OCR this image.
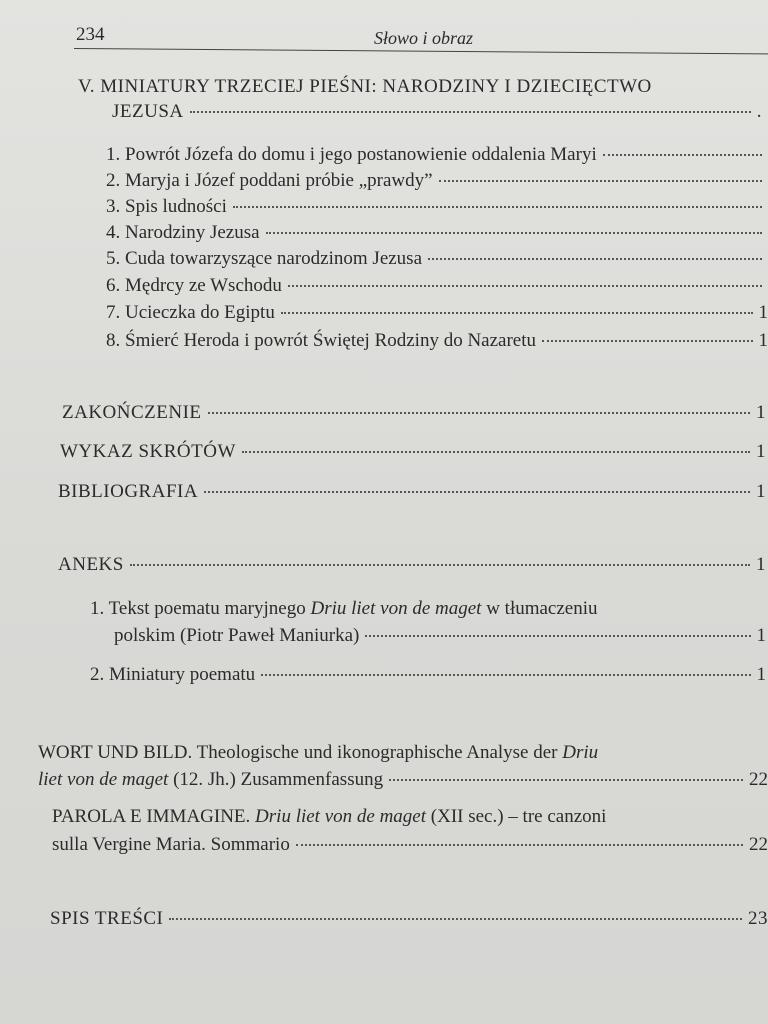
234	Słowo i obraz
V. MINIATURY TRZECIEJ PIEŚNI: NARODZINY I DZIECIĘCTWO
JEZUSA	.
1. Powrót Józefa do domu i jego postanowienie oddalenia Maryi
2. Maryja i Józef poddani próbie „prawdy”
3. Spis ludności
4. Narodziny Jezusa
5. Cuda towarzyszące narodzinom Jezusa
6. Mędrcy ze Wschodu
7. Ucieczka do Egiptu	1
8. Śmierć Heroda i powrót Świętej Rodziny do Nazaretu	1
ZAKOŃCZENIE	1
WYKAZ SKRÓTÓW	1
BIBLIOGRAFIA	1
ANEKS	1
1. Tekst poematu maryjnego Driu liet von de maget w tłumaczeniu
polskim (Piotr Paweł Maniurka)	1
2. Miniatury poematu	1
WORT UND BILD. Theologische und ikonographische Analyse der Driu
liet von de maget (12. Jh.) Zusammenfassung	22
PAROLA E IMMAGINE. Driu liet von de maget (XII sec.) – tre canzoni
sulla Vergine Maria. Sommario	22
SPIS TREŚCI	23
